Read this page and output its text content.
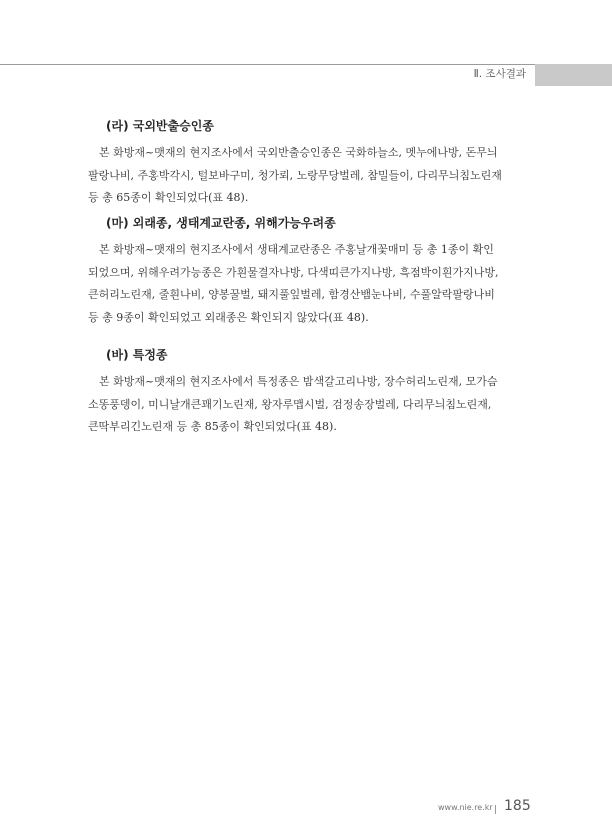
Ⅱ. 조사결과
(라) 국외반출승인종
본 화방재~맷재의 현지조사에서 국외반출승인종은 국화하늘소, 멧누에나방, 돈무늬
팔랑나비, 주홍박각시, 털보바구미, 청가뢰, 노랑무당벌레, 참밀들이, 다리무늬침노린재
등 총 65종이 확인되었다(표 48).
(마) 외래종, 생태계교란종, 위해가능우려종
본 화방재~맷재의 현지조사에서 생태계교란종은 주홍날개꽃매미 등 총 1종이 확인
되었으며, 위해우려가능종은 가흰물결자나방, 다색띠큰가지나방, 흑점박이흰가지나방,
큰허리노린재, 줄흰나비, 양봉꿀벌, 돼지풀잎벌레, 함경산뱀눈나비, 수풀알락팔랑나비
등 총 9종이 확인되었고 외래종은 확인되지 않았다(표 48).
(바) 특정종
본 화방재~맷재의 현지조사에서 특정종은 밤색갈고리나방, 장수허리노린재, 모가슴
소똥풍뎅이, 미니날개큰꽤기노린재, 왕자루맵시벌, 검정송장벌레, 다리무늬침노린재,
큰딱부리긴노린재 등 총 85종이 확인되었다(표 48).
www.nie.re.kr 185
